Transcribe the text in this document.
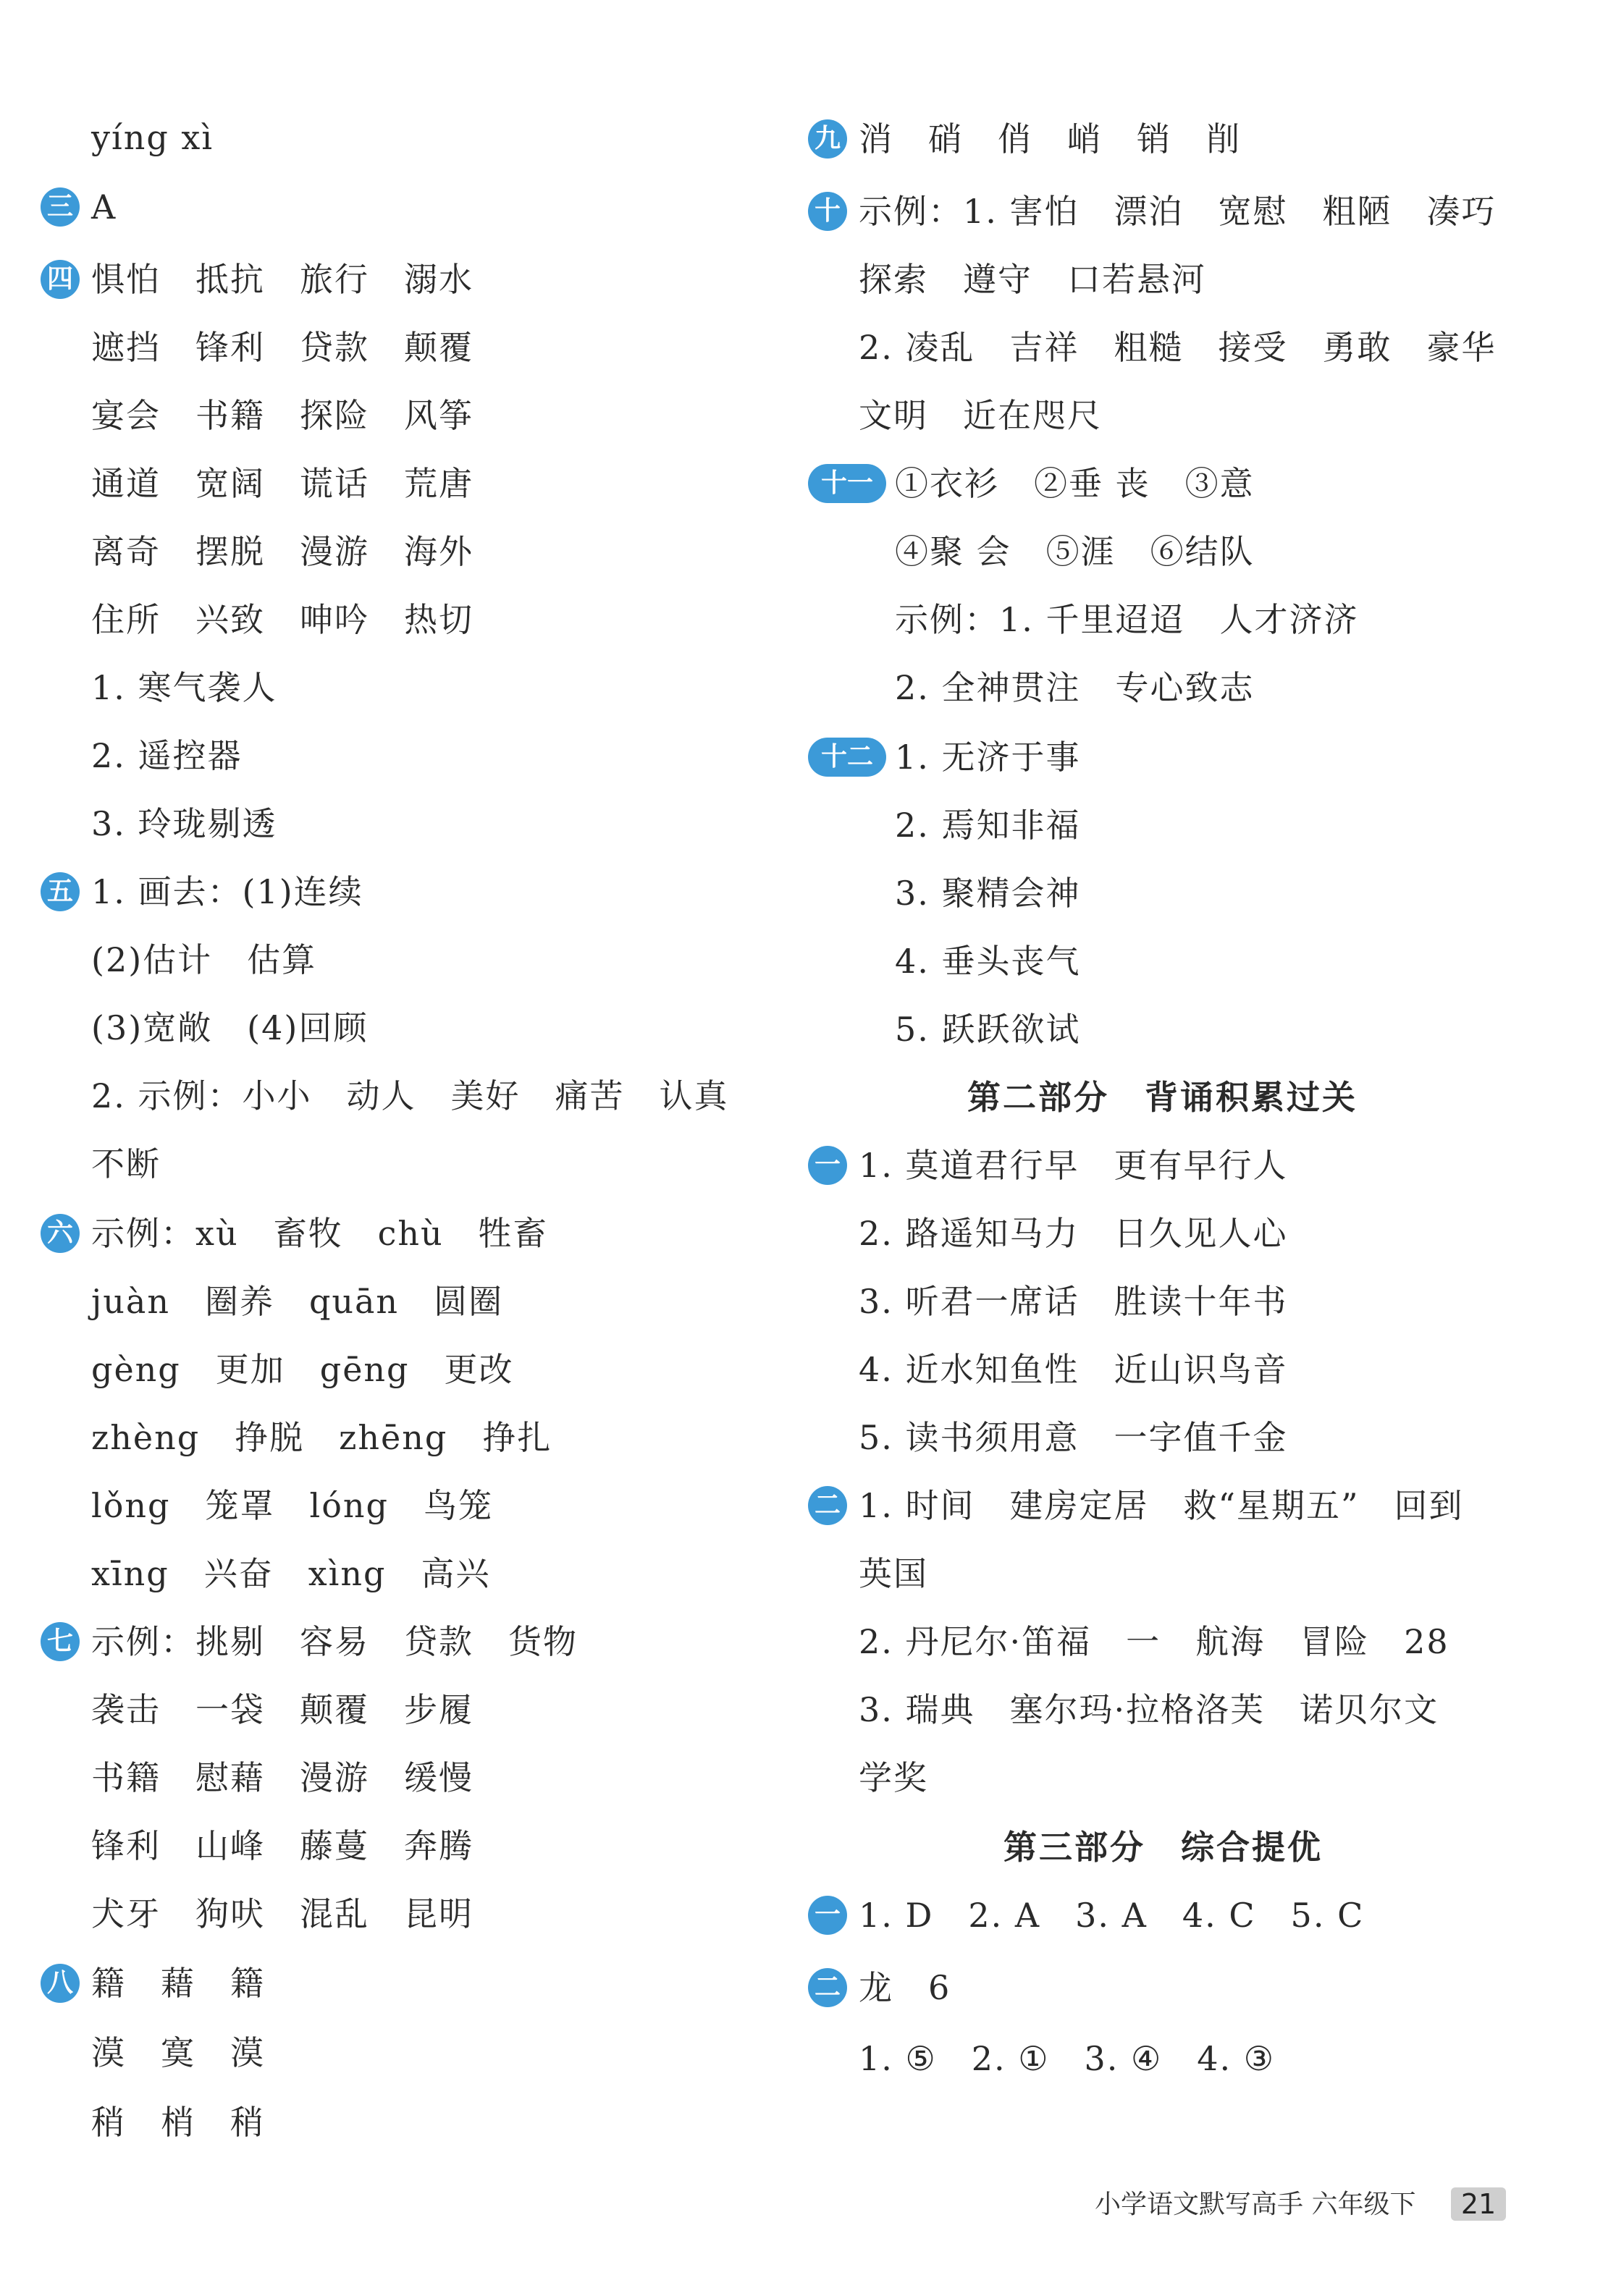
yíng xì
三 A
四 惧怕　抵抗　旅行　溺水
遮挡　锋利　贷款　颠覆
宴会　书籍　探险　风筝
通道　宽阔　谎话　荒唐
离奇　摆脱　漫游　海外
住所　兴致　呻吟　热切
1. 寒气袭人
2. 遥控器
3. 玲珑剔透
五 1. 画去：(1)连续
(2)估计　估算
(3)宽敞　(4)回顾
2. 示例：小小　动人　美好　痛苦　认真
不断
六 示例：xù　畜牧　chù　牲畜
juàn　圈养　quān　圆圈
gèng　更加　gēng　更改
zhèng　挣脱　zhēng　挣扎
lǒng　笼罩　lóng　鸟笼
xīng　兴奋　xìng　高兴
七 示例：挑剔　容易　贷款　货物
袭击　一袋　颠覆　步履
书籍　慰藉　漫游　缓慢
锋利　山峰　藤蔓　奔腾
犬牙　狗吠　混乱　昆明
八 籍　藉　籍
漠　寞　漠
稍　梢　稍
九 消　硝　俏　峭　销　削
十 示例：1. 害怕　漂泊　宽慰　粗陋　凑巧
探索　遵守　口若悬河
2. 凌乱　吉祥　粗糙　接受　勇敢　豪华
文明　近在咫尺
十一 ①衣衫　②垂 丧　③意
④聚 会　⑤涯　⑥结队
示例：1. 千里迢迢　人才济济
2. 全神贯注　专心致志
十二 1. 无济于事
2. 焉知非福
3. 聚精会神
4. 垂头丧气
5. 跃跃欲试
第二部分　背诵积累过关
一 1. 莫道君行早　更有早行人
2. 路遥知马力　日久见人心
3. 听君一席话　胜读十年书
4. 近水知鱼性　近山识鸟音
5. 读书须用意　一字值千金
二 1. 时间　建房定居　救“星期五”　回到
英国
2. 丹尼尔·笛福　一　航海　冒险　28
3. 瑞典　塞尔玛·拉格洛芙　诺贝尔文
学奖
第三部分　综合提优
一 1. D　2. A　3. A　4. C　5. C
二 龙　6
1. ⑤　2. ①　3. ④　4. ③
小学语文默写高手 六年级下	21
